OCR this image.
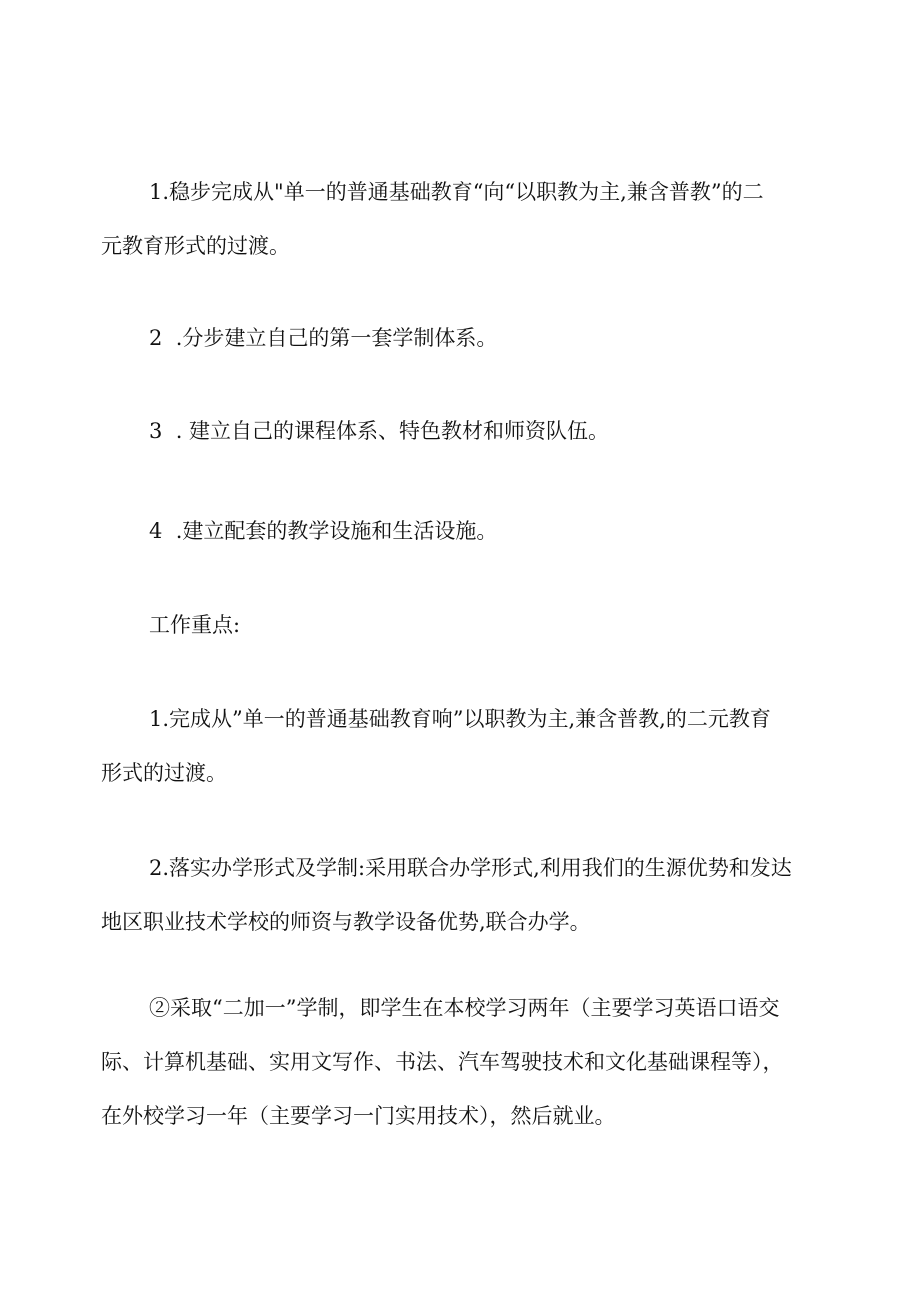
1.稳步完成从"单一的普通基础教育“向“以职教为主,兼含普教”的二
元教育形式的过渡。

2  .分步建立自己的第一套学制体系。

3  . 建立自己的课程体系、特色教材和师资队伍。

4  .建立配套的教学设施和生活设施。

工作重点:

1.完成从”单一的普通基础教育响”以职教为主,兼含普教,的二元教育
形式的过渡。

2.落实办学形式及学制:采用联合办学形式,利用我们的生源优势和发达
地区职业技术学校的师资与教学设备优势,联合办学。

②采取“二加一”学制，即学生在本校学习两年（主要学习英语口语交
际、计算机基础、实用文写作、书法、汽车驾驶技术和文化基础课程等），
在外校学习一年（主要学习一门实用技术），然后就业。
